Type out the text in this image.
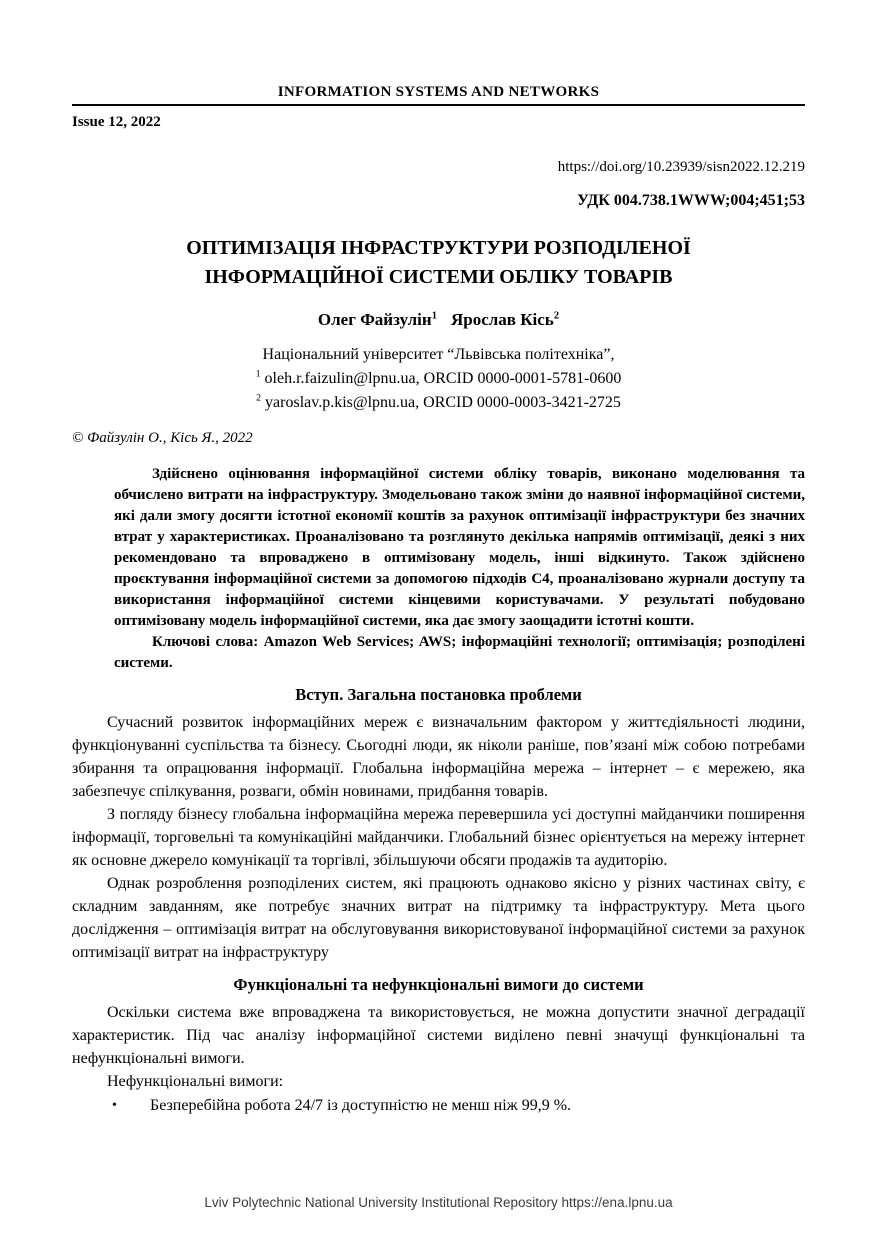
INFORMATION SYSTEMS AND NETWORKS
Issue 12, 2022
https://doi.org/10.23939/sisn2022.12.219
УДК 004.738.1WWW;004;451;53
ОПТИМІЗАЦІЯ ІНФРАСТРУКТУРИ РОЗПОДІЛЕНОЇ
ІНФОРМАЦІЙНОЇ СИСТЕМИ ОБЛІКУ ТОВАРІВ
Олег Файзулін$^1$ Ярослав Кісь$^2$
Національний університет “Львівська політехніка”,
$^1$ oleh.r.faizulin@lpnu.ua, ORCID 0000-0001-5781-0600
$^2$ yaroslav.p.kis@lpnu.ua, ORCID 0000-0003-3421-2725
© Файзулін О., Кісь Я., 2022

Здійснено оцінювання інформаційної системи обліку товарів, виконано моделювання та обчислено витрати на інфраструктуру. Змодельовано також зміни до наявної інформаційної системи, які дали змогу досягти істотної економії коштів за рахунок оптимізації інфраструктури без значних втрат у характеристиках. Проаналізовано та розглянуто декілька напрямів оптимізації, деякі з них рекомендовано та впроваджено в оптимізовану модель, інші відкинуто. Також здійснено проєктування інформаційної системи за допомогою підходів C4, проаналізовано журнали доступу та використання інформаційної системи кінцевими користувачами. У результаті побудовано оптимізовану модель інформаційної системи, яка дає змогу заощадити істотні кошти.

Ключові слова: Amazon Web Services; AWS; інформаційні технології; оптимізація; розподілені системи.

Вступ. Загальна постановка проблеми

Сучасний розвиток інформаційних мереж є визначальним фактором у життєдіяльності людини, функціонуванні суспільства та бізнесу. Сьогодні люди, як ніколи раніше, пов’язані між собою потребами збирання та опрацювання інформації. Глобальна інформаційна мережа – інтернет – є мережею, яка забезпечує спілкування, розваги, обмін новинами, придбання товарів.

З погляду бізнесу глобальна інформаційна мережа перевершила усі доступні майданчики поширення інформації, торговельні та комунікаційні майданчики. Глобальний бізнес орієнтується на мережу інтернет як основне джерело комунікації та торгівлі, збільшуючи обсяги продажів та аудиторію.

Однак розроблення розподілених систем, які працюють однаково якісно у різних частинах світу, є складним завданням, яке потребує значних витрат на підтримку та інфраструктуру. Мета цього дослідження – оптимізація витрат на обслуговування використовуваної інформаційної системи за рахунок оптимізації витрат на інфраструктуру

Функціональні та нефункціональні вимоги до системи

Оскільки система вже впроваджена та використовується, не можна допустити значної деградації характеристик. Під час аналізу інформаційної системи виділено певні значущі функціональні та нефункціональні вимоги.

Нефункціональні вимоги:

•	Безперебійна робота 24/7 із доступністю не менш ніж 99,9 %.
Lviv Polytechnic National University Institutional Repository https://ena.lpnu.ua
